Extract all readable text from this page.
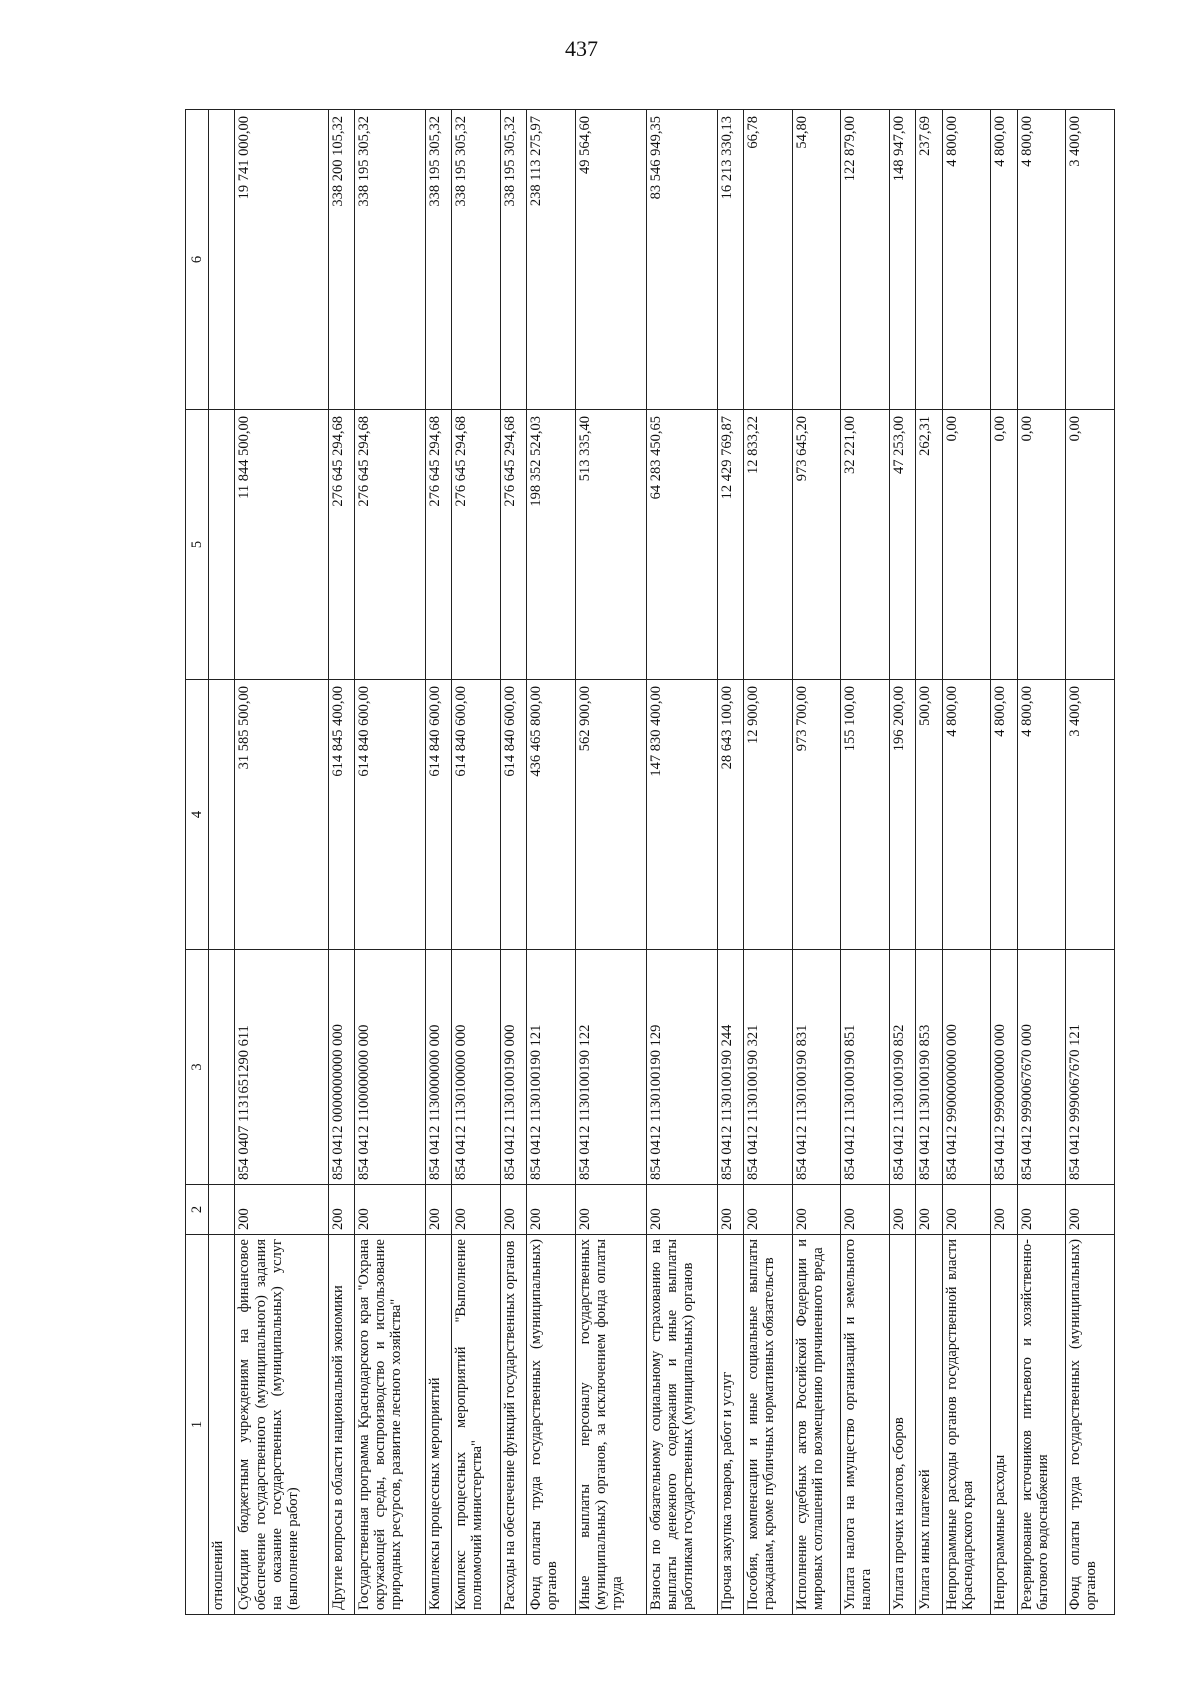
437
1	2	3	4	5	6
отношений					
Субсидии бюджетным учреждениям на финансовое обеспечение государственного (муниципального) задания на оказание государственных (муниципальных) услуг (выполнение работ)	200	854 0407 1131651290 611	31 585 500,00	11 844 500,00	19 741 000,00
Другие вопросы в области национальной экономики	200	854 0412 0000000000 000	614 845 400,00	276 645 294,68	338 200 105,32
Государственная программа Краснодарского края "Охрана окружающей среды, воспроизводство и использование природных ресурсов, развитие лесного хозяйства"	200	854 0412 1100000000 000	614 840 600,00	276 645 294,68	338 195 305,32
Комплексы процессных мероприятий	200	854 0412 1130000000 000	614 840 600,00	276 645 294,68	338 195 305,32
Комплекс процессных мероприятий "Выполнение полномочий министерства"	200	854 0412 1130100000 000	614 840 600,00	276 645 294,68	338 195 305,32
Расходы на обеспечение функций государственных органов	200	854 0412 1130100190 000	614 840 600,00	276 645 294,68	338 195 305,32
Фонд оплаты труда государственных (муниципальных) органов	200	854 0412 1130100190 121	436 465 800,00	198 352 524,03	238 113 275,97
Иные выплаты персоналу государственных (муниципальных) органов, за исключением фонда оплаты труда	200	854 0412 1130100190 122	562 900,00	513 335,40	49 564,60
Взносы по обязательному социальному страхованию на выплаты денежного содержания и иные выплаты работникам государственных (муниципальных) органов	200	854 0412 1130100190 129	147 830 400,00	64 283 450,65	83 546 949,35
Прочая закупка товаров, работ и услуг	200	854 0412 1130100190 244	28 643 100,00	12 429 769,87	16 213 330,13
Пособия, компенсации и иные социальные выплаты гражданам, кроме публичных нормативных обязательств	200	854 0412 1130100190 321	12 900,00	12 833,22	66,78
Исполнение судебных актов Российской Федерации и мировых соглашений по возмещению причиненного вреда	200	854 0412 1130100190 831	973 700,00	973 645,20	54,80
Уплата налога на имущество организаций и земельного налога	200	854 0412 1130100190 851	155 100,00	32 221,00	122 879,00
Уплата прочих налогов, сборов	200	854 0412 1130100190 852	196 200,00	47 253,00	148 947,00
Уплата иных платежей	200	854 0412 1130100190 853	500,00	262,31	237,69
Непрограммные расходы органов государственной власти Краснодарского края	200	854 0412 9900000000 000	4 800,00	0,00	4 800,00
Непрограммные расходы	200	854 0412 9990000000 000	4 800,00	0,00	4 800,00
Резервирование источников питьевого и хозяйственно-бытового водоснабжения	200	854 0412 9990067670 000	4 800,00	0,00	4 800,00
Фонд оплаты труда государственных (муниципальных) органов	200	854 0412 9990067670 121	3 400,00	0,00	3 400,00
